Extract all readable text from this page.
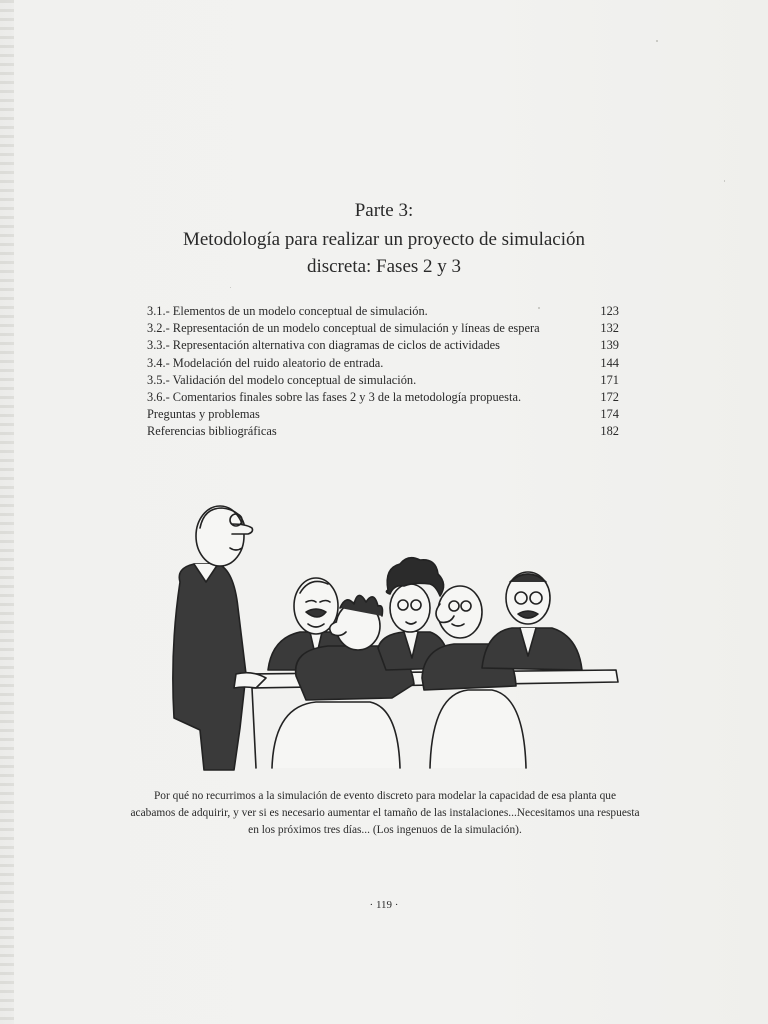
Parte 3:
Metodología para realizar un proyecto de simulación
discreta: Fases 2 y 3
3.1.- Elementos de un modelo conceptual de simulación.	123
3.2.- Representación de un modelo conceptual de simulación y líneas de espera	132
3.3.- Representación alternativa con diagramas de ciclos de actividades	139
3.4.- Modelación del ruido aleatorio de entrada.	144
3.5.- Validación del modelo conceptual de simulación.	171
3.6.- Comentarios finales sobre las fases 2 y 3 de la metodología propuesta.	172
Preguntas y problemas	174
Referencias bibliográficas	182
Por qué no recurrimos a la simulación de evento discreto para modelar la capacidad de esa planta que
acabamos de adquirir, y ver si es necesario aumentar el tamaño de las instalaciones...Necesitamos una respuesta
en los próximos tres días... (Los ingenuos de la simulación).
· 119 ·
